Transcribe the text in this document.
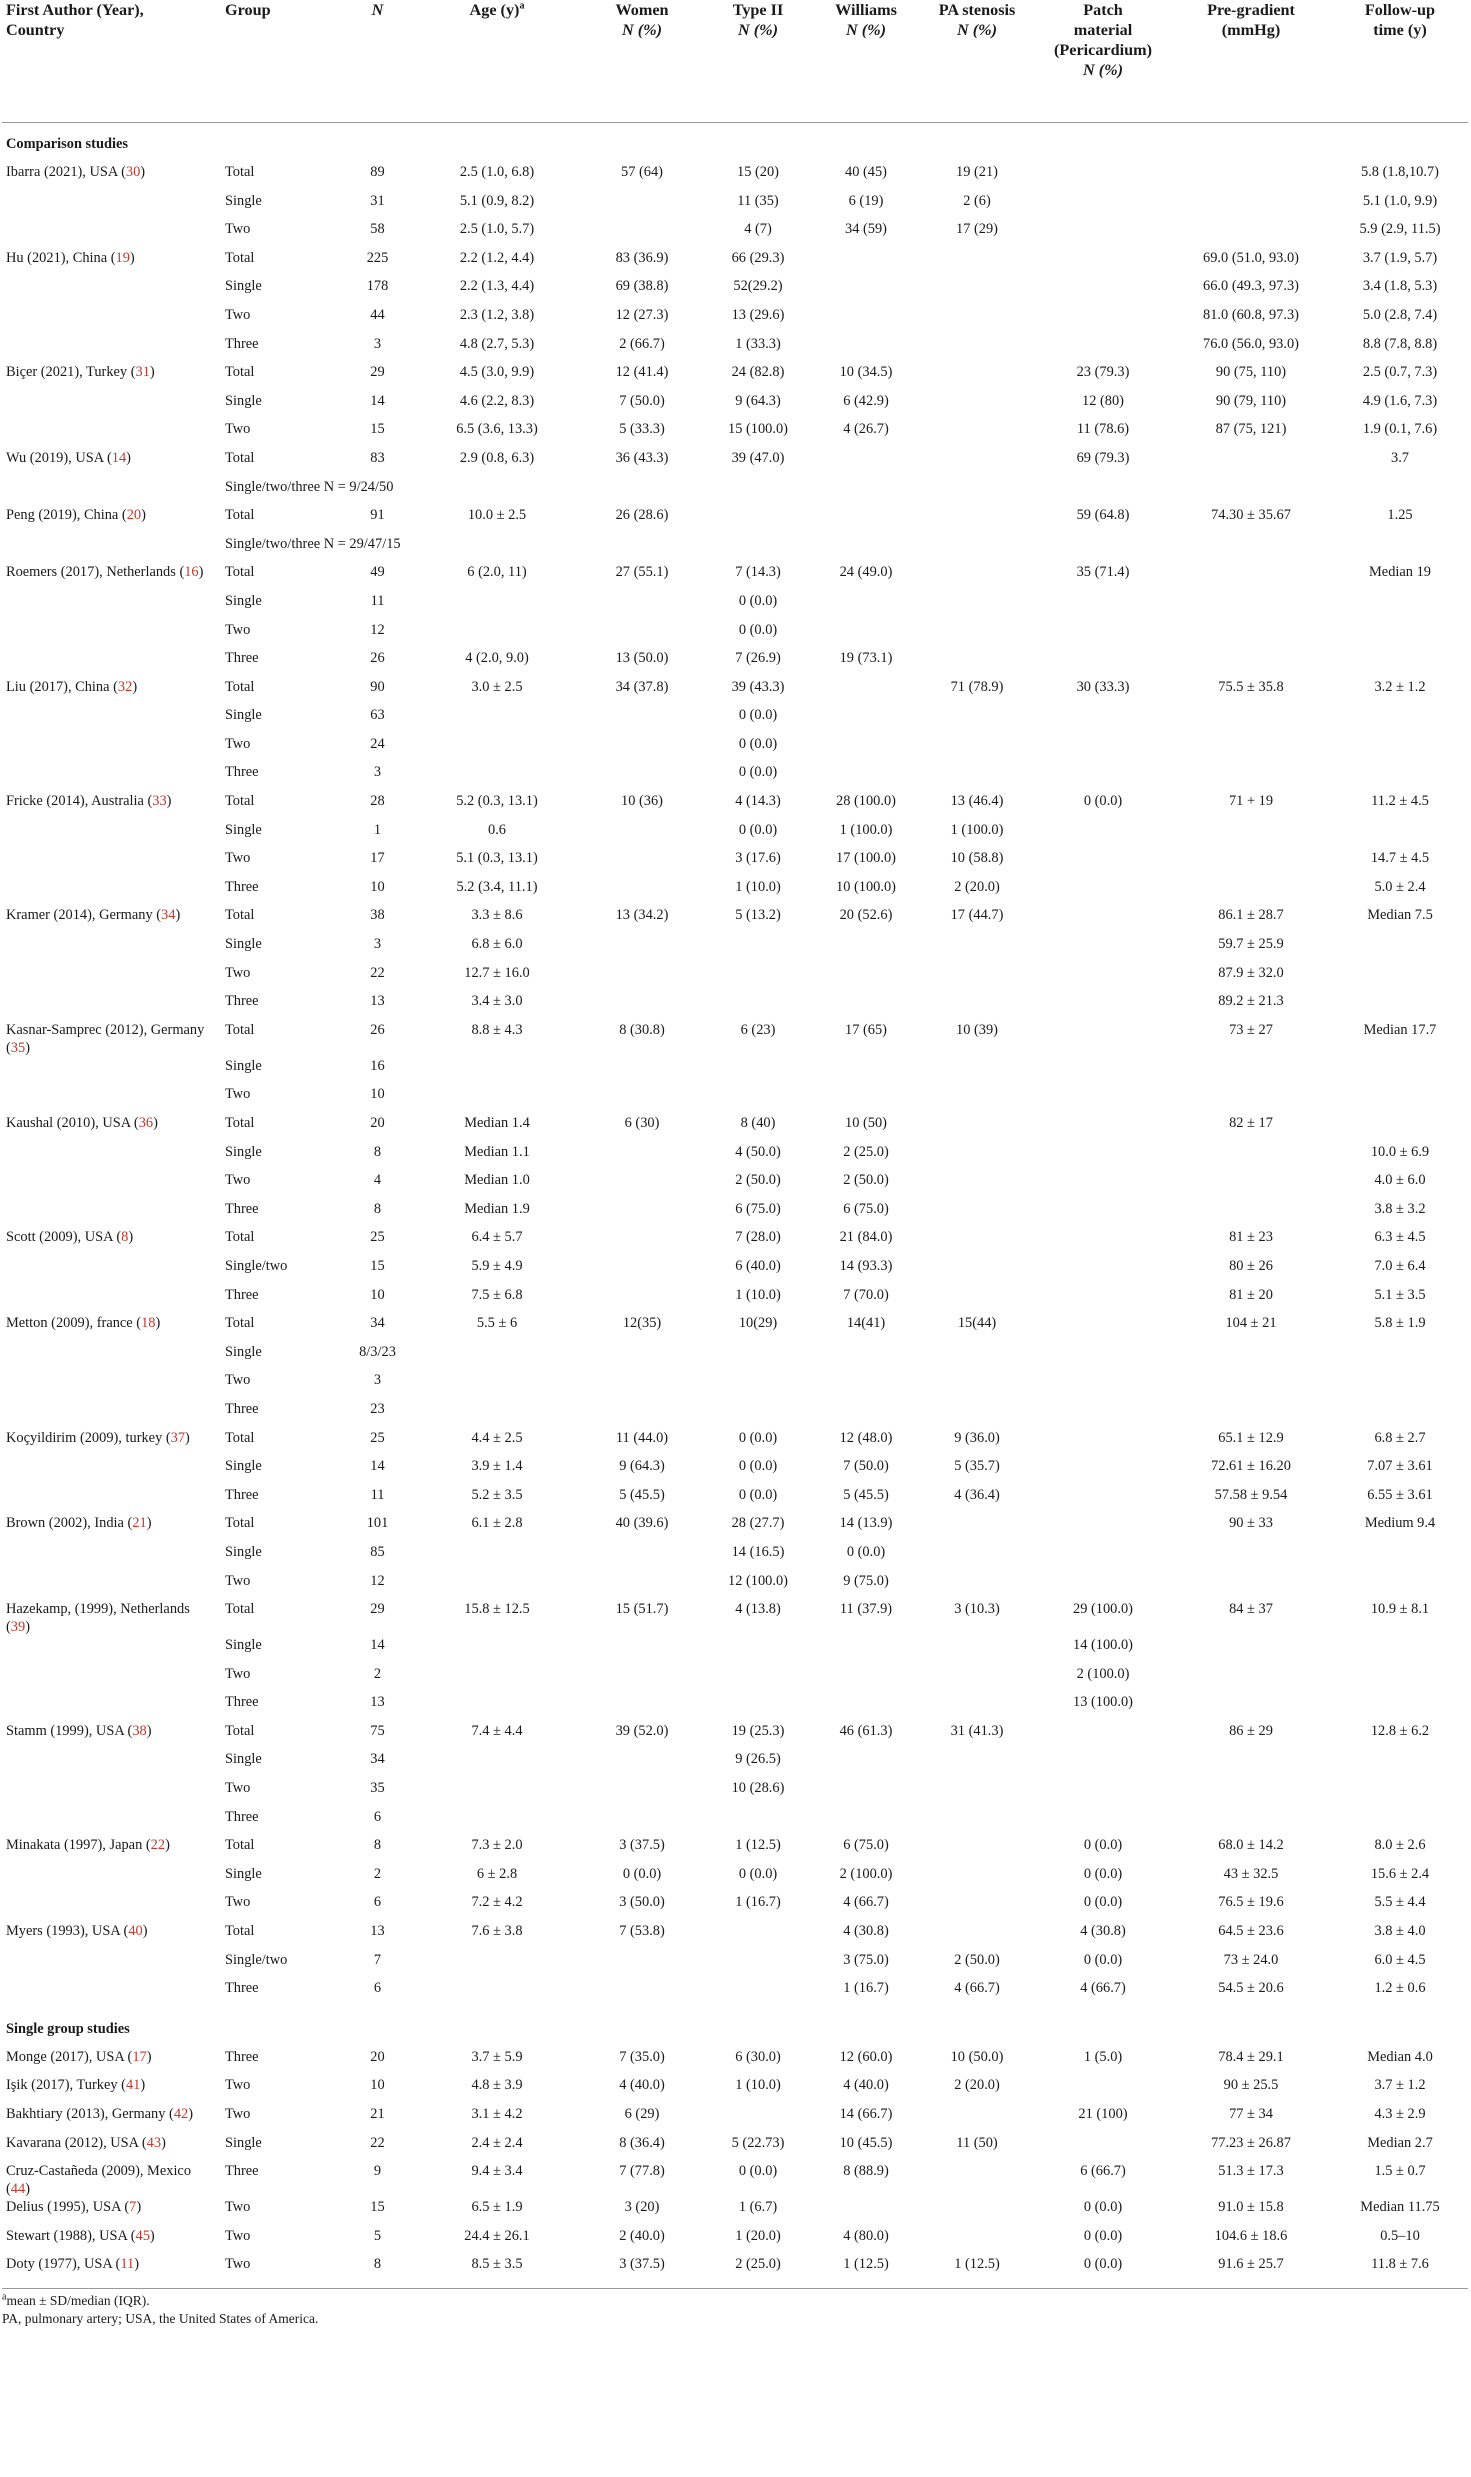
First Author (Year),
Country	Group	N	Age $(y)^a$	Women
N (%)	Type II
N (%)	Williams
N (%)	PA stenosis
N (%)	Patch
material
(Pericardium)
N (%)	Pre-gradient
(mmHg)	Follow-up
time (y)
Comparison studies										
Ibarra (2021), USA (30)	Total	89	2.5 (1.0, 6.8)	57 (64)	15 (20)	40 (45)	19 (21)			5.8 (1.8,10.7)
	Single	31	5.1 (0.9, 8.2)		11 (35)	6 (19)	2 (6)			5.1 (1.0, 9.9)
	Two	58	2.5 (1.0, 5.7)		4 (7)	34 (59)	17 (29)			5.9 (2.9, 11.5)
Hu (2021), China (19)	Total	225	2.2 (1.2, 4.4)	83 (36.9)	66 (29.3)				69.0 (51.0, 93.0)	3.7 (1.9, 5.7)
	Single	178	2.2 (1.3, 4.4)	69 (38.8)	52(29.2)				66.0 (49.3, 97.3)	3.4 (1.8, 5.3)
	Two	44	2.3 (1.2, 3.8)	12 (27.3)	13 (29.6)				81.0 (60.8, 97.3)	5.0 (2.8, 7.4)
	Three	3	4.8 (2.7, 5.3)	2 (66.7)	1 (33.3)				76.0 (56.0, 93.0)	8.8 (7.8, 8.8)
Biçer (2021), Turkey (31)	Total	29	4.5 (3.0, 9.9)	12 (41.4)	24 (82.8)	10 (34.5)		23 (79.3)	90 (75, 110)	2.5 (0.7, 7.3)
	Single	14	4.6 (2.2, 8.3)	7 (50.0)	9 (64.3)	6 (42.9)		12 (80)	90 (79, 110)	4.9 (1.6, 7.3)
	Two	15	6.5 (3.6, 13.3)	5 (33.3)	15 (100.0)	4 (26.7)		11 (78.6)	87 (75, 121)	1.9 (0.1, 7.6)
Wu (2019), USA (14)	Total	83	2.9 (0.8, 6.3)	36 (43.3)	39 (47.0)			69 (79.3)		3.7
	Single/two/three N = 9/24/50									
Peng (2019), China (20)	Total	91	10.0 ± 2.5	26 (28.6)				59 (64.8)	74.30 ± 35.67	1.25
	Single/two/three N = 29/47/15									
Roemers (2017), Netherlands (16)	Total	49	6 (2.0, 11)	27 (55.1)	7 (14.3)	24 (49.0)		35 (71.4)		Median 19
	Single	11			0 (0.0)					
	Two	12			0 (0.0)					
	Three	26	4 (2.0, 9.0)	13 (50.0)	7 (26.9)	19 (73.1)				
Liu (2017), China (32)	Total	90	3.0 ± 2.5	34 (37.8)	39 (43.3)		71 (78.9)	30 (33.3)	75.5 ± 35.8	3.2 ± 1.2
	Single	63			0 (0.0)					
	Two	24			0 (0.0)					
	Three	3			0 (0.0)					
Fricke (2014), Australia (33)	Total	28	5.2 (0.3, 13.1)	10 (36)	4 (14.3)	28 (100.0)	13 (46.4)	0 (0.0)	71 + 19	11.2 ± 4.5
	Single	1	0.6		0 (0.0)	1 (100.0)	1 (100.0)			
	Two	17	5.1 (0.3, 13.1)		3 (17.6)	17 (100.0)	10 (58.8)			14.7 ± 4.5
	Three	10	5.2 (3.4, 11.1)		1 (10.0)	10 (100.0)	2 (20.0)			5.0 ± 2.4
Kramer (2014), Germany (34)	Total	38	3.3 ± 8.6	13 (34.2)	5 (13.2)	20 (52.6)	17 (44.7)		86.1 ± 28.7	Median 7.5
	Single	3	6.8 ± 6.0						59.7 ± 25.9	
	Two	22	12.7 ± 16.0						87.9 ± 32.0	
	Three	13	3.4 ± 3.0						89.2 ± 21.3	
Kasnar-Samprec (2012), Germany (35)	Total	26	8.8 ± 4.3	8 (30.8)	6 (23)	17 (65)	10 (39)		73 ± 27	Median 17.7
	Single	16								
	Two	10								
Kaushal (2010), USA (36)	Total	20	Median 1.4	6 (30)	8 (40)	10 (50)			82 ± 17	
	Single	8	Median 1.1		4 (50.0)	2 (25.0)				10.0 ± 6.9
	Two	4	Median 1.0		2 (50.0)	2 (50.0)				4.0 ± 6.0
	Three	8	Median 1.9		6 (75.0)	6 (75.0)				3.8 ± 3.2
Scott (2009), USA (8)	Total	25	6.4 ± 5.7		7 (28.0)	21 (84.0)			81 ± 23	6.3 ± 4.5
	Single/two	15	5.9 ± 4.9		6 (40.0)	14 (93.3)			80 ± 26	7.0 ± 6.4
	Three	10	7.5 ± 6.8		1 (10.0)	7 (70.0)			81 ± 20	5.1 ± 3.5
Metton (2009), france (18)	Total	34	5.5 ± 6	12(35)	10(29)	14(41)	15(44)		104 ± 21	5.8 ± 1.9
	Single	8/3/23								
	Two	3								
	Three	23								
Koçyildirim (2009), turkey (37)	Total	25	4.4 ± 2.5	11 (44.0)	0 (0.0)	12 (48.0)	9 (36.0)		65.1 ± 12.9	6.8 ± 2.7
	Single	14	3.9 ± 1.4	9 (64.3)	0 (0.0)	7 (50.0)	5 (35.7)		72.61 ± 16.20	7.07 ± 3.61
	Three	11	5.2 ± 3.5	5 (45.5)	0 (0.0)	5 (45.5)	4 (36.4)		57.58 ± 9.54	6.55 ± 3.61
Brown (2002), India (21)	Total	101	6.1 ± 2.8	40 (39.6)	28 (27.7)	14 (13.9)			90 ± 33	Medium 9.4
	Single	85			14 (16.5)	0 (0.0)				
	Two	12			12 (100.0)	9 (75.0)				
Hazekamp, (1999), Netherlands (39)	Total	29	15.8 ± 12.5	15 (51.7)	4 (13.8)	11 (37.9)	3 (10.3)	29 (100.0)	84 ± 37	10.9 ± 8.1
	Single	14						14 (100.0)		
	Two	2						2 (100.0)		
	Three	13						13 (100.0)		
Stamm (1999), USA (38)	Total	75	7.4 ± 4.4	39 (52.0)	19 (25.3)	46 (61.3)	31 (41.3)		86 ± 29	12.8 ± 6.2
	Single	34			9 (26.5)					
	Two	35			10 (28.6)					
	Three	6								
Minakata (1997), Japan (22)	Total	8	7.3 ± 2.0	3 (37.5)	1 (12.5)	6 (75.0)		0 (0.0)	68.0 ± 14.2	8.0 ± 2.6
	Single	2	6 ± 2.8	0 (0.0)	0 (0.0)	2 (100.0)		0 (0.0)	43 ± 32.5	15.6 ± 2.4
	Two	6	7.2 ± 4.2	3 (50.0)	1 (16.7)	4 (66.7)		0 (0.0)	76.5 ± 19.6	5.5 ± 4.4
Myers (1993), USA (40)	Total	13	7.6 ± 3.8	7 (53.8)		4 (30.8)		4 (30.8)	64.5 ± 23.6	3.8 ± 4.0
	Single/two	7				3 (75.0)	2 (50.0)	0 (0.0)	73 ± 24.0	6.0 ± 4.5
	Three	6				1 (16.7)	4 (66.7)	4 (66.7)	54.5 ± 20.6	1.2 ± 0.6
Single group studies										
Monge (2017), USA (17)	Three	20	3.7 ± 5.9	7 (35.0)	6 (30.0)	12 (60.0)	10 (50.0)	1 (5.0)	78.4 ± 29.1	Median 4.0
Işik (2017), Turkey (41)	Two	10	4.8 ± 3.9	4 (40.0)	1 (10.0)	4 (40.0)	2 (20.0)		90 ± 25.5	3.7 ± 1.2
Bakhtiary (2013), Germany (42)	Two	21	3.1 ± 4.2	6 (29)		14 (66.7)		21 (100)	77 ± 34	4.3 ± 2.9
Kavarana (2012), USA (43)	Single	22	2.4 ± 2.4	8 (36.4)	5 (22.73)	10 (45.5)	11 (50)		77.23 ± 26.87	Median 2.7
Cruz-Castañeda (2009), Mexico (44)	Three	9	9.4 ± 3.4	7 (77.8)	0 (0.0)	8 (88.9)		6 (66.7)	51.3 ± 17.3	1.5 ± 0.7
Delius (1995), USA (7)	Two	15	6.5 ± 1.9	3 (20)	1 (6.7)			0 (0.0)	91.0 ± 15.8	Median 11.75
Stewart (1988), USA (45)	Two	5	24.4 ± 26.1	2 (40.0)	1 (20.0)	4 (80.0)		0 (0.0)	104.6 ± 18.6	0.5–10
Doty (1977), USA (11)	Two	8	8.5 ± 3.5	3 (37.5)	2 (25.0)	1 (12.5)	1 (12.5)	0 (0.0)	91.6 ± 25.7	11.8 ± 7.6
$^a$mean ± SD/median (IQR).
PA, pulmonary artery; USA, the United States of America.
